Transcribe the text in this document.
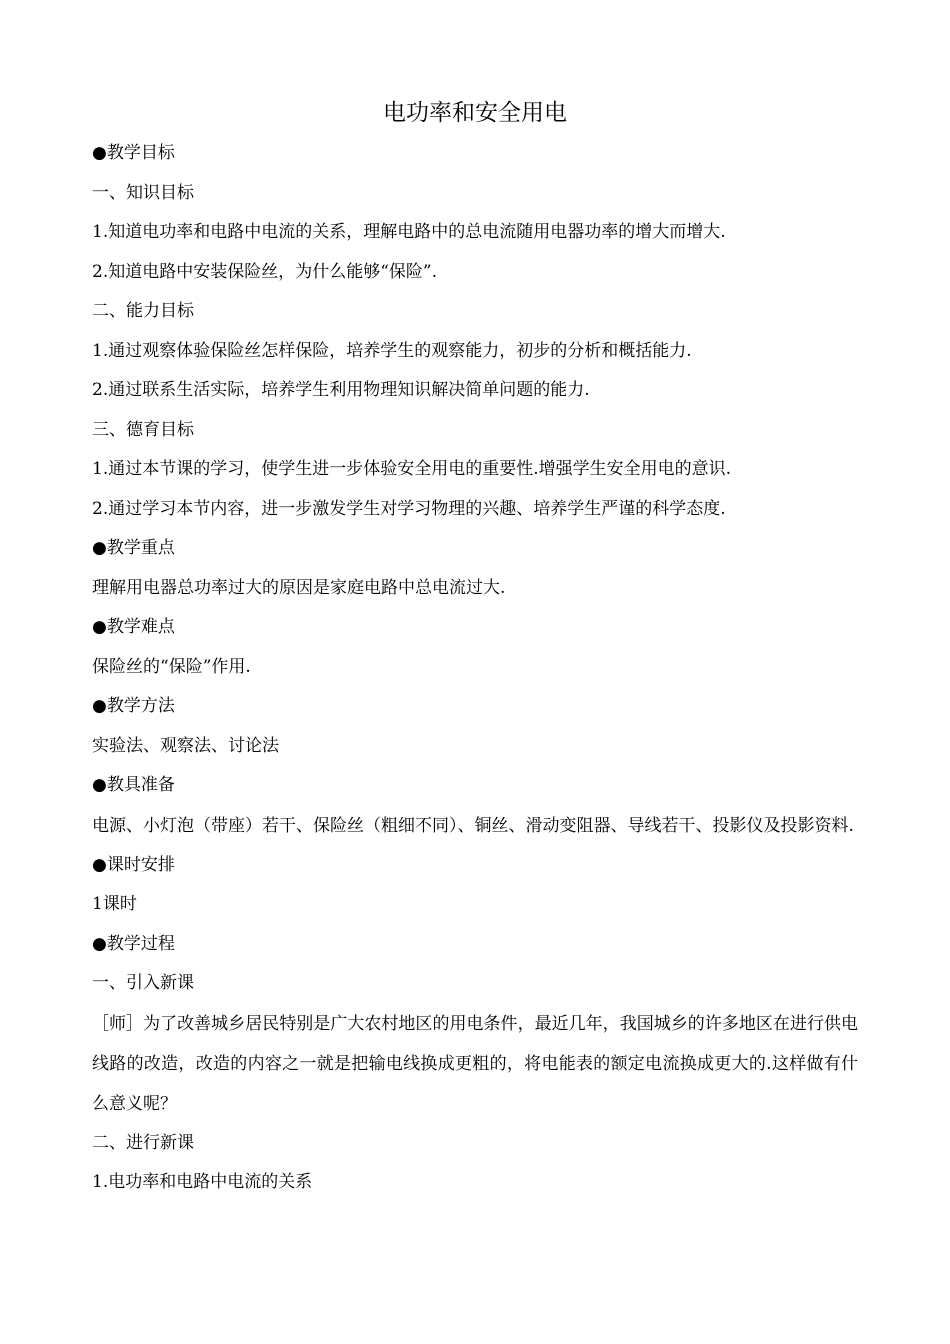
电功率和安全用电
●教学目标
一、知识目标
1.知道电功率和电路中电流的关系，理解电路中的总电流随用电器功率的增大而增大.
2.知道电路中安装保险丝，为什么能够“保险”.
二、能力目标
1.通过观察体验保险丝怎样保险，培养学生的观察能力，初步的分析和概括能力.
2.通过联系生活实际，培养学生利用物理知识解决简单问题的能力.
三、德育目标
1.通过本节课的学习，使学生进一步体验安全用电的重要性.增强学生安全用电的意识.
2.通过学习本节内容，进一步激发学生对学习物理的兴趣、培养学生严谨的科学态度.
●教学重点
理解用电器总功率过大的原因是家庭电路中总电流过大.
●教学难点
保险丝的“保险”作用.
●教学方法
实验法、观察法、讨论法
●教具准备
电源、小灯泡（带座）若干、保险丝（粗细不同）、铜丝、滑动变阻器、导线若干、投影仪及投影资料.
●课时安排
1课时
●教学过程
一、引入新课
［师］为了改善城乡居民特别是广大农村地区的用电条件，最近几年，我国城乡的许多地区在进行供电线路的改造，改造的内容之一就是把输电线换成更粗的，将电能表的额定电流换成更大的.这样做有什么意义呢？
二、进行新课
1.电功率和电路中电流的关系
